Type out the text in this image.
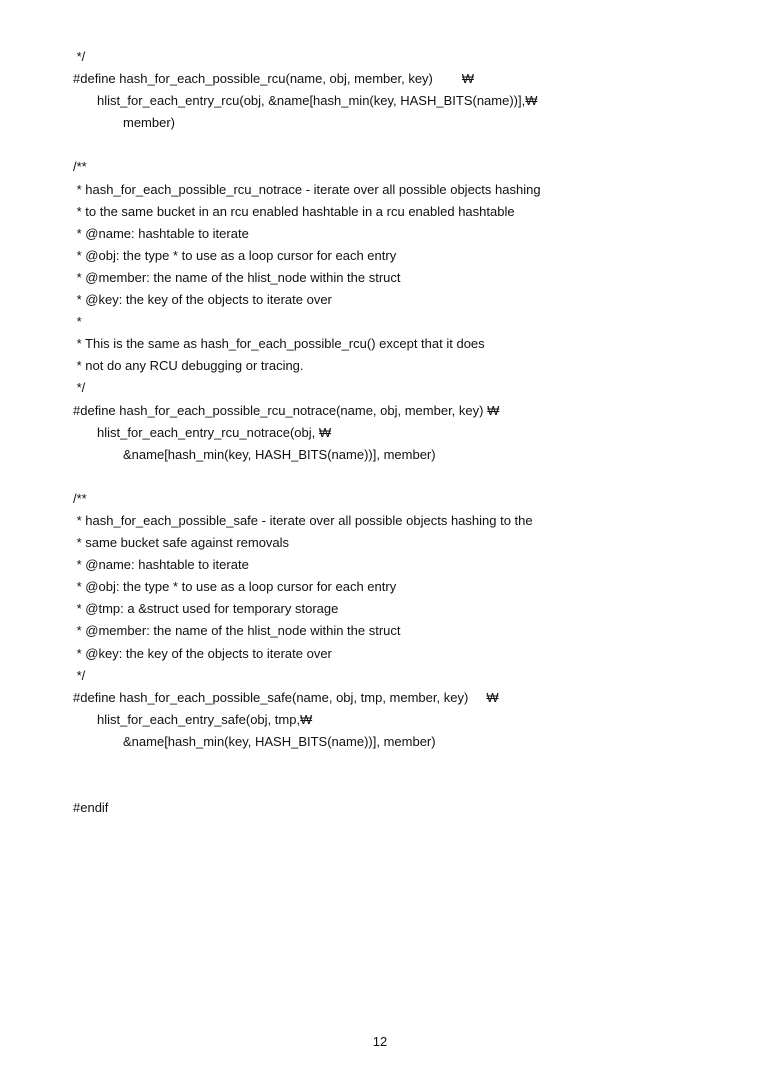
*/
#define hash_for_each_possible_rcu(name, obj, member, key)        ₩
hlist_for_each_entry_rcu(obj, &name[hash_min(key, HASH_BITS(name))],₩
member)
/**
* hash_for_each_possible_rcu_notrace - iterate over all possible objects hashing
* to the same bucket in an rcu enabled hashtable in a rcu enabled hashtable
* @name: hashtable to iterate
* @obj: the type * to use as a loop cursor for each entry
* @member: the name of the hlist_node within the struct
* @key: the key of the objects to iterate over
*
* This is the same as hash_for_each_possible_rcu() except that it does
* not do any RCU debugging or tracing.
*/
#define hash_for_each_possible_rcu_notrace(name, obj, member, key) ₩
hlist_for_each_entry_rcu_notrace(obj, ₩
&name[hash_min(key, HASH_BITS(name))], member)
/**
* hash_for_each_possible_safe - iterate over all possible objects hashing to the
* same bucket safe against removals
* @name: hashtable to iterate
* @obj: the type * to use as a loop cursor for each entry
* @tmp: a &struct used for temporary storage
* @member: the name of the hlist_node within the struct
* @key: the key of the objects to iterate over
*/
#define hash_for_each_possible_safe(name, obj, tmp, member, key)     ₩
hlist_for_each_entry_safe(obj, tmp,₩
&name[hash_min(key, HASH_BITS(name))], member)
#endif
12
